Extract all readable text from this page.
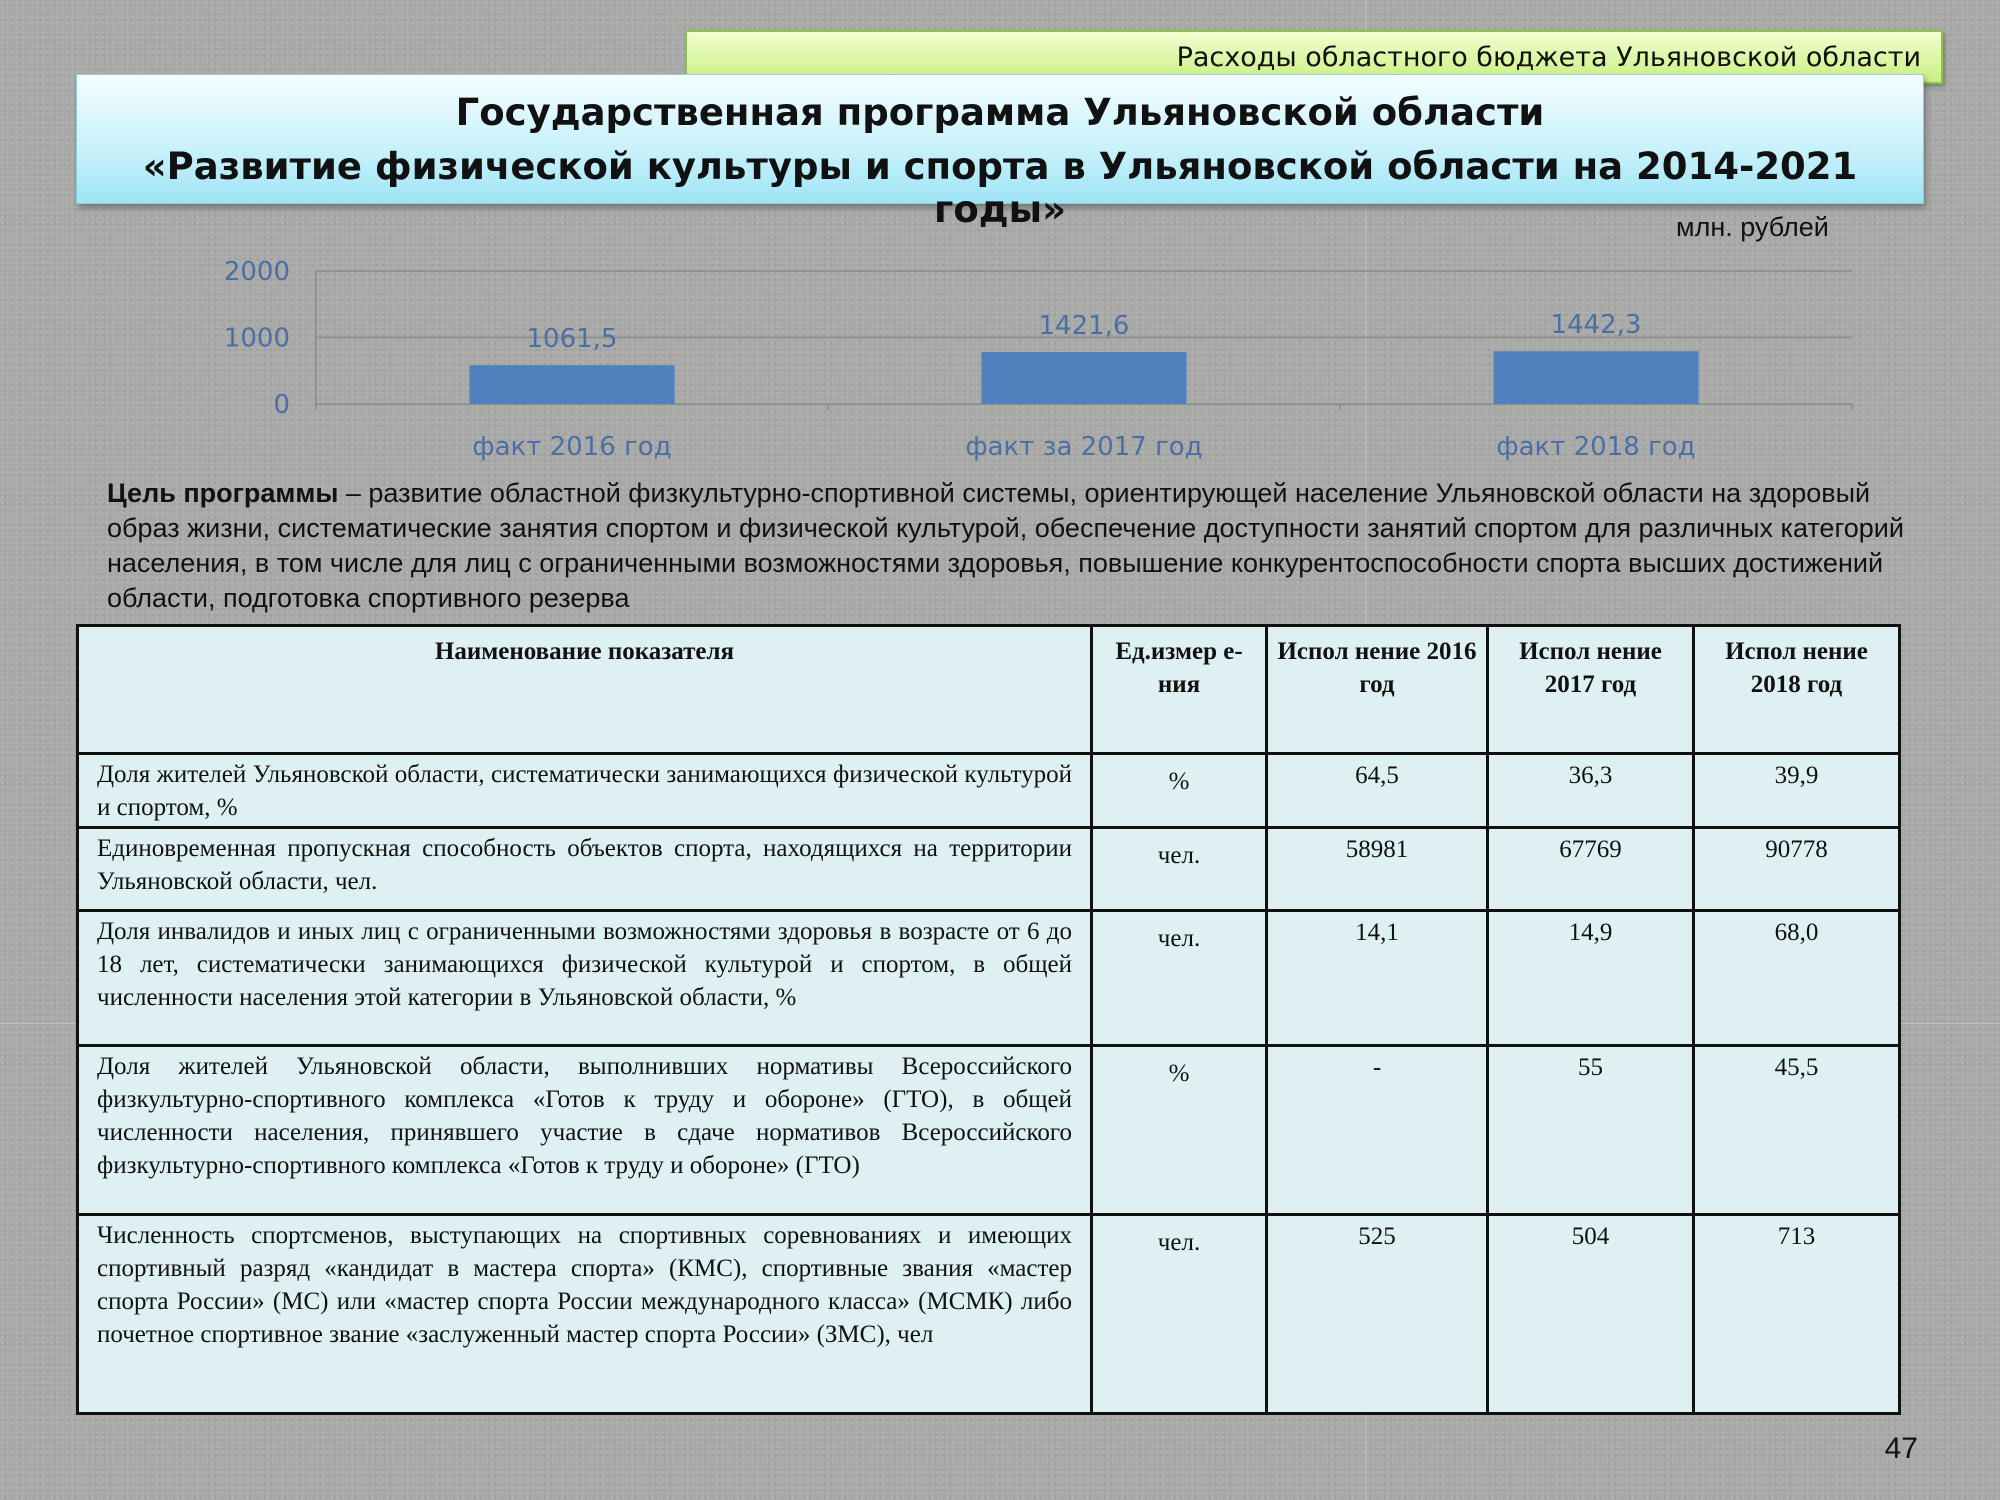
Расходы областного бюджета Ульяновской области
Государственная программа Ульяновской области
«Развитие физической культуры и спорта в Ульяновской области на 2014-2021 годы»	млн. рублей
0
1000
2000
1061,5
факт 2016 год
1421,6
факт за 2017 год
1442,3
факт 2018 год
Цель программы – развитие областной физкультурно-спортивной системы, ориентирующей население Ульяновской области на здоровый образ жизни, систематические занятия спортом и физической культурой, обеспечение доступности занятий спортом для различных категорий населения, в том числе для лиц с ограниченными возможностями здоровья, повышение конкурентоспособности спорта высших достижений области, подготовка спортивного резерва
Наименование показателя	Ед.измер е-ния	Испол нение 2016 год	Испол нение 2017 год	Испол нение 2018 год
Доля жителей Ульяновской области, систематически занимающихся физической культурой и спортом, %	%	64,5	36,3	39,9
Единовременная пропускная способность объектов спорта, находящихся на территории Ульяновской области, чел.	чел.	58981	67769	90778
Доля инвалидов и иных лиц с ограниченными возможностями здоровья в возрасте от 6 до 18 лет, систематически занимающихся физической культурой и спортом, в общей численности населения этой категории в Ульяновской области, %	чел.	14,1	14,9	68,0
Доля жителей Ульяновской области, выполнивших нормативы Всероссийского физкультурно-спортивного комплекса «Готов к труду и обороне» (ГТО), в общей численности населения, принявшего участие в сдаче нормативов Всероссийского физкультурно-спортивного комплекса «Готов к труду и обороне» (ГТО)	%	-	55	45,5
Численность спортсменов, выступающих на спортивных соревнованиях и имеющих спортивный разряд «кандидат в мастера спорта» (КМС), спортивные звания «мастер спорта России» (МС) или «мастер спорта России международного класса» (МСМК) либо почетное спортивное звание «заслуженный мастер спорта России» (ЗМС), чел	чел.	525	504	713
47
